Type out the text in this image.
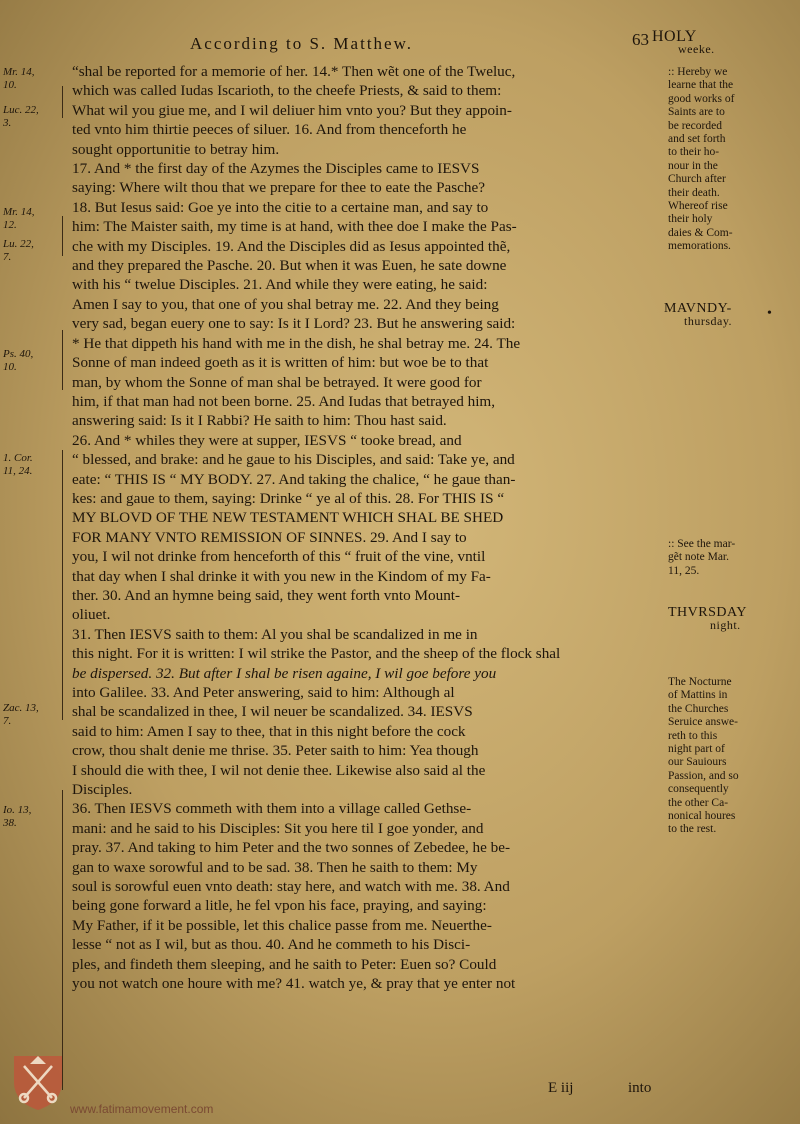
According to S. Matthew.	63
Mr. 14,
10.
Luc. 22,
3.
Mr. 14,
12.
Lu. 22,
7.
Ps. 40,
10.
1. Cor.
11, 24.
Zac. 13,
7.
Io. 13,
38.
“shal be reported for a memorie of her. 14.* Then wẽt one of the Tweluc,
which was called Iudas Iscarioth, to the cheefe Priests, & said to them:
What wil you giue me, and I wil deliuer him vnto you? But they appoin-
ted vnto him thirtie peeces of siluer. 16. And from thenceforth he
sought opportunitie to betray him.
17. And * the first day of the Azymes the Disciples came to IESVS
saying: Where wilt thou that we prepare for thee to eate the Pasche?
18. But Iesus said: Goe ye into the citie to a certaine man, and say to
him: The Maister saith, my time is at hand, with thee doe I make the Pas-
che with my Disciples. 19. And the Disciples did as Iesus appointed thẽ,
and they prepared the Pasche. 20. But when it was Euen, he sate downe
with his “ twelue Disciples. 21. And while they were eating, he said:
Amen I say to you, that one of you shal betray me. 22. And they being
very sad, began euery one to say: Is it I Lord? 23. But he answering said:
* He that dippeth his hand with me in the dish, he shal betray me. 24. The
Sonne of man indeed goeth as it is written of him: but woe be to that
man, by whom the Sonne of man shal be betrayed. It were good for
him, if that man had not been borne. 25. And Iudas that betrayed him,
answering said: Is it I Rabbi? He saith to him: Thou hast said.
26. And * whiles they were at supper, IESVS “ tooke bread, and
“ blessed, and brake: and he gaue to his Disciples, and said: Take ye, and
eate: “ THIS IS “ MY BODY. 27. And taking the chalice, “ he gaue than-
kes: and gaue to them, saying: Drinke “ ye al of this. 28. For THIS IS “
MY BLOVD OF THE NEW TESTAMENT WHICH SHAL BE SHED
FOR MANY VNTO REMISSION OF SINNES. 29. And I say to
you, I wil not drinke from henceforth of this “ fruit of the vine, vntil
that day when I shal drinke it with you new in the Kindom of my Fa-
ther. 30. And an hymne being said, they went forth vnto Mount-
oliuet.
31. Then IESVS saith to them: Al you shal be scandalized in me in
this night. For it is written: I wil strike the Pastor, and the sheep of the flock shal
be dispersed. 32. But after I shal be risen againe, I wil goe before you
into Galilee. 33. And Peter answering, said to him: Although al
shal be scandalized in thee, I wil neuer be scandalized. 34. IESVS
said to him: Amen I say to thee, that in this night before the cock
crow, thou shalt denie me thrise. 35. Peter saith to him: Yea though
I should die with thee, I wil not denie thee. Likewise also said al the
Disciples.
36. Then IESVS commeth with them into a village called Gethse-
mani: and he said to his Disciples: Sit you here til I goe yonder, and
pray. 37. And taking to him Peter and the two sonnes of Zebedee, he be-
gan to waxe sorowful and to be sad. 38. Then he saith to them: My
soul is sorowful euen vnto death: stay here, and watch with me. 38. And
being gone forward a litle, he fel vpon his face, praying, and saying:
My Father, if it be possible, let this chalice passe from me. Neuerthe-
lesse “ not as I wil, but as thou. 40. And he commeth to his Disci-
ples, and findeth them sleeping, and he saith to Peter: Euen so? Could
you not watch one houre with me? 41. watch ye, & pray that ye enter not
HOLY
weeke.
:: Hereby we
learne that the
good works of
Saints are to
be recorded
and set forth
to their ho-
nour in the
Church after
their death.
Whereof rise
their holy
daies & Com-
memorations.
MAVNDY-
thursday.
•
:: See the mar-
gẽt note Mar.
11, 25.
THVRSDAY
night.
The Nocturne
of Mattins in
the Churches
Seruice answe-
reth to this
night part of
our Sauiours
Passion, and so
consequently
the other Ca-
nonical houres
to the rest.
E iij	into
www.fatimamovement.com
